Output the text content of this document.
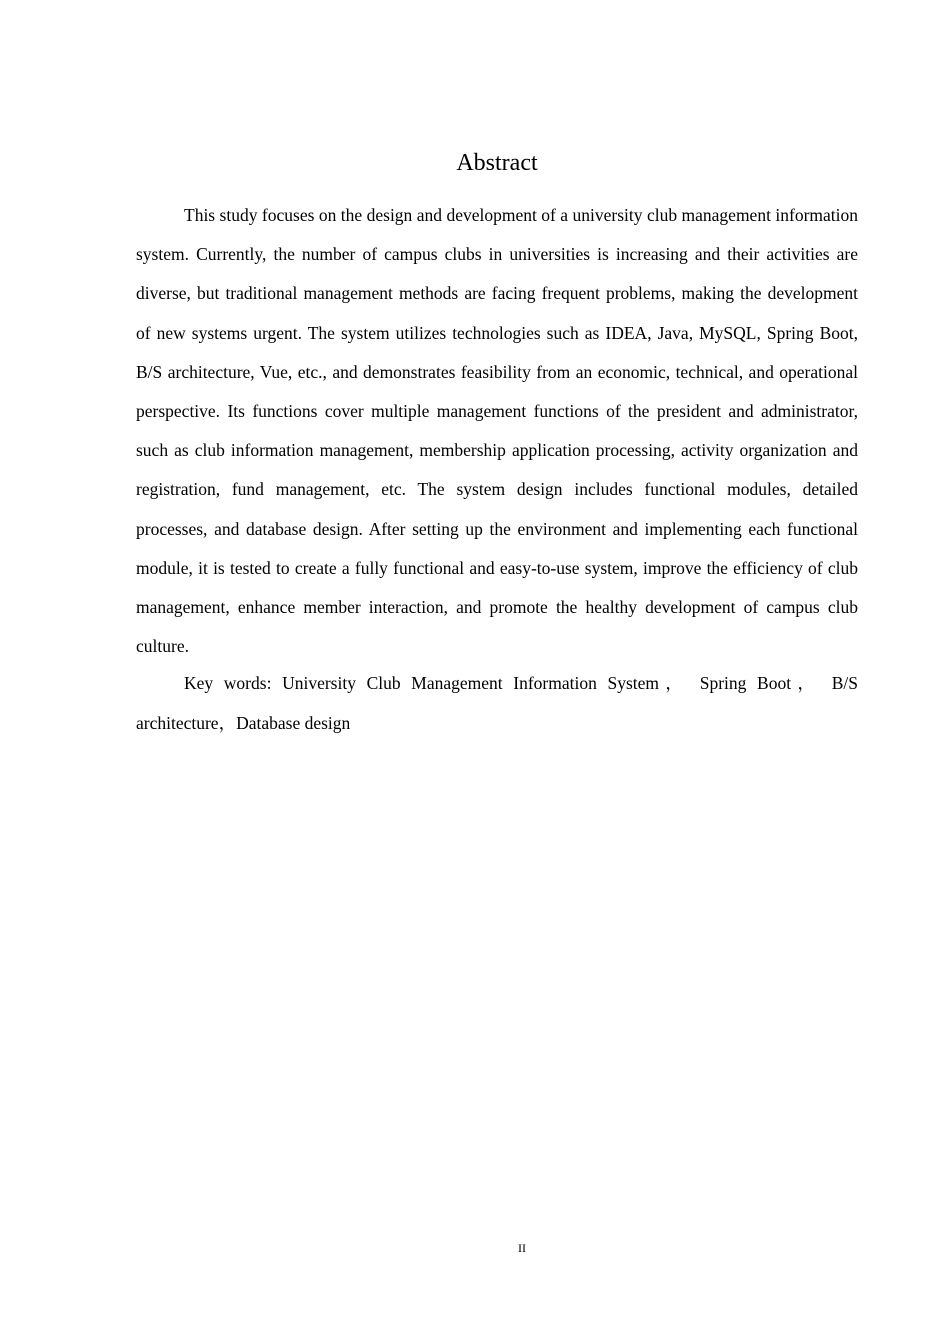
Abstract

This study focuses on the design and development of a university club management information system. Currently, the number of campus clubs in universities is increasing and their activities are diverse, but traditional management methods are facing frequent problems, making the development of new systems urgent. The system utilizes technologies such as IDEA, Java, MySQL, Spring Boot, B/S architecture, Vue, etc., and demonstrates feasibility from an economic, technical, and operational perspective. Its functions cover multiple management functions of the president and administrator, such as club information management, membership application processing, activity organization and registration, fund management, etc. The system design includes functional modules, detailed processes, and database design. After setting up the environment and implementing each functional module, it is tested to create a fully functional and easy-to-use system, improve the efficiency of club management, enhance member interaction, and promote the healthy development of campus club culture.

Key words: University Club Management Information System， Spring Boot， B/S architecture，Database design

II
